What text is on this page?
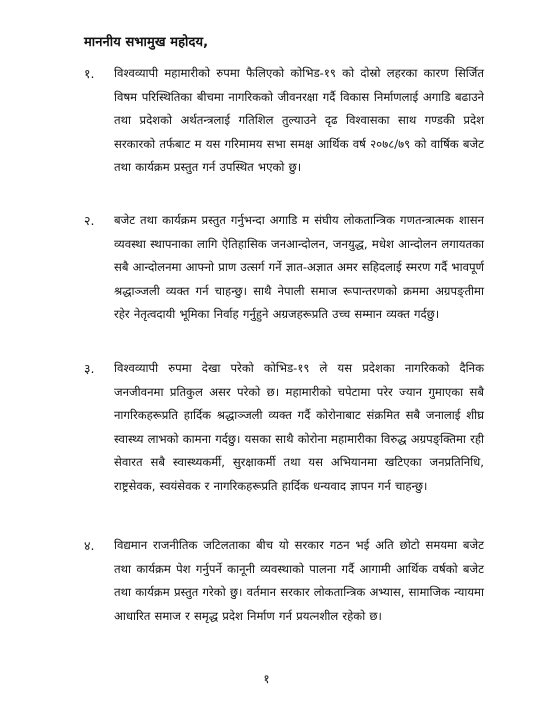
माननीय सभामुख महोदय,
१.	विश्वव्यापी महामारीको रुपमा फैलिएको कोभिड-१९ को दोस्रो लहरका कारण सिर्जित विषम परिस्थितिका बीचमा नागरिकको जीवनरक्षा गर्दै विकास निर्माणलाई अगाडि बढाउने तथा प्रदेशको अर्थतन्त्रलाई गतिशिल तुल्याउने दृढ विश्वासका साथ गण्डकी प्रदेश सरकारको तर्फबाट म यस गरिमामय सभा समक्ष आर्थिक वर्ष २०७८/७९ को वार्षिक बजेट तथा कार्यक्रम प्रस्तुत गर्न उपस्थित भएको छु।
२.	बजेट तथा कार्यक्रम प्रस्तुत गर्नुभन्दा अगाडि म संघीय लोकतान्त्रिक गणतन्त्रात्मक शासन व्यवस्था स्थापनाका लागि ऐतिहासिक जनआन्दोलन, जनयुद्ध, मधेश आन्दोलन लगायतका सबै आन्दोलनमा आफ्नो प्राण उत्सर्ग गर्ने ज्ञात-अज्ञात अमर सहिदलाई स्मरण गर्दै भावपूर्ण श्रद्धाञ्जली व्यक्त गर्न चाहन्छु। साथै नेपाली समाज रूपान्तरणको क्रममा अग्रपङ्तीमा रहेर नेतृत्वदायी भूमिका निर्वाह गर्नुहुने अग्रजहरूप्रति उच्च सम्मान व्यक्त गर्दछु।
३.	विश्वव्यापी रुपमा देखा परेको कोभिड-१९ ले यस प्रदेशका नागरिकको दैनिक जनजीवनमा प्रतिकुल असर परेको छ। महामारीको चपेटामा परेर ज्यान गुमाएका सबै नागरिकहरूप्रति हार्दिक श्रद्धाञ्जली व्यक्त गर्दै कोरोनाबाट संक्रमित सबै जनालाई शीघ्र स्वास्थ्य लाभको कामना गर्दछु। यसका साथै कोरोना महामारीका विरुद्ध अग्रपङ्क्तिमा रही सेवारत सबै स्वास्थ्यकर्मी, सुरक्षाकर्मी तथा यस अभियानमा खटिएका जनप्रतिनिधि, राष्ट्रसेवक, स्वयंसेवक र नागरिकहरूप्रति हार्दिक धन्यवाद ज्ञापन गर्न चाहन्छु।
४.	विद्यमान राजनीतिक जटिलताका बीच यो सरकार गठन भई अति छोटो समयमा बजेट तथा कार्यक्रम पेश गर्नुपर्ने कानूनी व्यवस्थाको पालना गर्दै आगामी आर्थिक वर्षको बजेट तथा कार्यक्रम प्रस्तुत गरेको छु। वर्तमान सरकार लोकतान्त्रिक अभ्यास, सामाजिक न्यायमा आधारित समाज र समृद्ध प्रदेश निर्माण गर्न प्रयत्नशील रहेको छ।
१
